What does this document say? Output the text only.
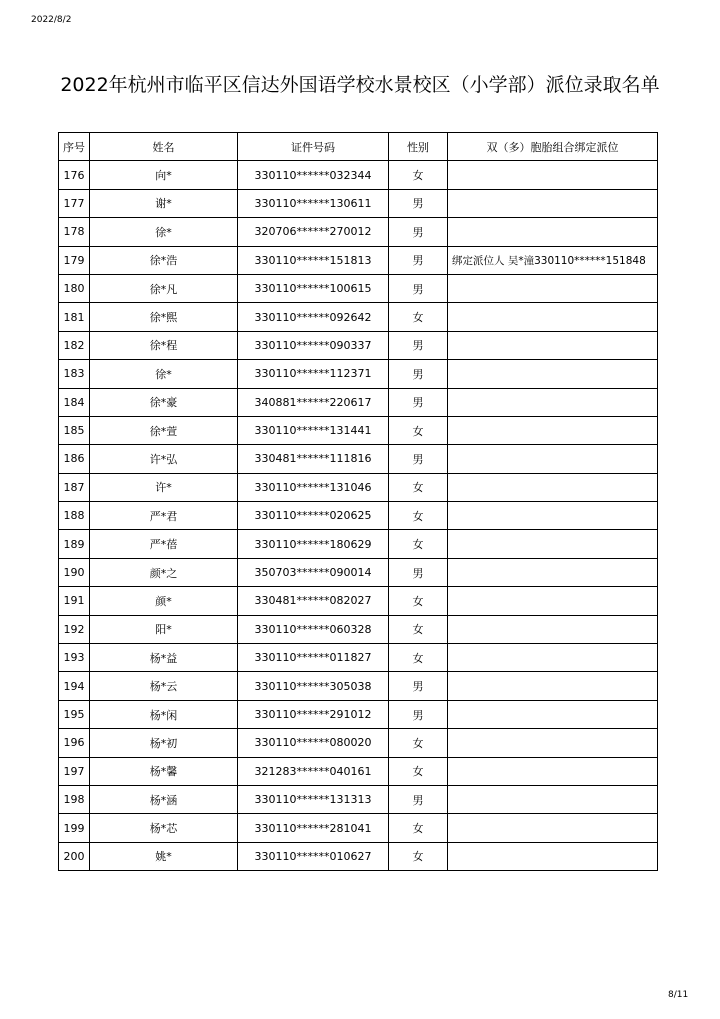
2022/8/2
2022年杭州市临平区信达外国语学校水景校区（小学部）派位录取名单
序号	姓名	证件号码	性别	双（多）胞胎组合绑定派位
176	向*	330110******032344	女	
177	谢*	330110******130611	男	
178	徐*	320706******270012	男	
179	徐*浩	330110******151813	男	绑定派位人 吴*潼330110******151848
180	徐*凡	330110******100615	男	
181	徐*熙	330110******092642	女	
182	徐*程	330110******090337	男	
183	徐*	330110******112371	男	
184	徐*豪	340881******220617	男	
185	徐*萱	330110******131441	女	
186	许*弘	330481******111816	男	
187	许*	330110******131046	女	
188	严*君	330110******020625	女	
189	严*蓓	330110******180629	女	
190	颜*之	350703******090014	男	
191	颜*	330481******082027	女	
192	阳*	330110******060328	女	
193	杨*益	330110******011827	女	
194	杨*云	330110******305038	男	
195	杨*闲	330110******291012	男	
196	杨*初	330110******080020	女	
197	杨*馨	321283******040161	女	
198	杨*涵	330110******131313	男	
199	杨*芯	330110******281041	女	
200	姚*	330110******010627	女	
8/11
